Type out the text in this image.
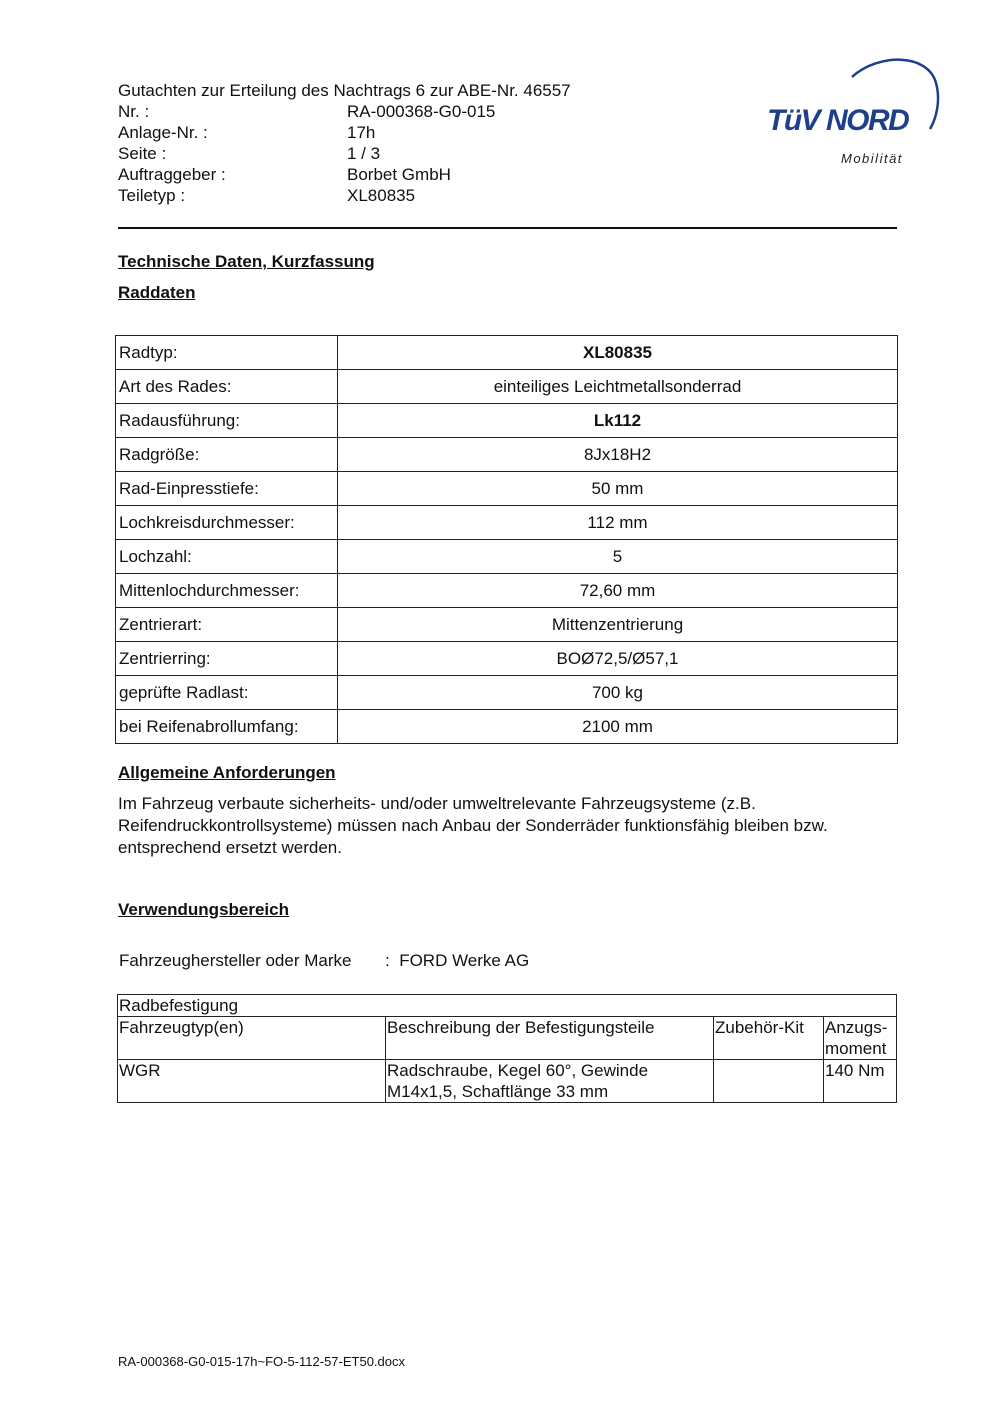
Gutachten zur Erteilung des Nachtrags 6 zur ABE-Nr. 46557
Nr. :	RA-000368-G0-015
Anlage-Nr. :	17h
Seite :	1 / 3
Auftraggeber :	Borbet GmbH
Teiletyp :	XL80835
TüV NORD
Mobilität
Technische Daten, Kurzfassung
Raddaten
Radtyp:	XL80835
Art des Rades:	einteiliges Leichtmetallsonderrad
Radausführung:	Lk112
Radgröße:	8Jx18H2
Rad-Einpresstiefe:	50 mm
Lochkreisdurchmesser:	112 mm
Lochzahl:	5
Mittenlochdurchmesser:	72,60 mm
Zentrierart:	Mittenzentrierung
Zentrierring:	BOØ72,5/Ø57,1
geprüfte Radlast:	700 kg
bei Reifenabrollumfang:	2100 mm
Allgemeine Anforderungen
Im Fahrzeug verbaute sicherheits- und/oder umweltrelevante Fahrzeugsysteme (z.B. Reifendruckkontrollsysteme) müssen nach Anbau der Sonderräder funktionsfähig bleiben bzw. entsprechend ersetzt werden.
Verwendungsbereich
Fahrzeughersteller oder Marke : FORD Werke AG
Radbefestigung			
Fahrzeugtyp(en)	Beschreibung der Befestigungsteile	Zubehör-Kit	Anzugs-
moment

WGR	Radschraube, Kegel 60°, Gewinde
M14x1,5, Schaftlänge 33 mm		140 Nm
RA-000368-G0-015-17h~FO-5-112-57-ET50.docx
